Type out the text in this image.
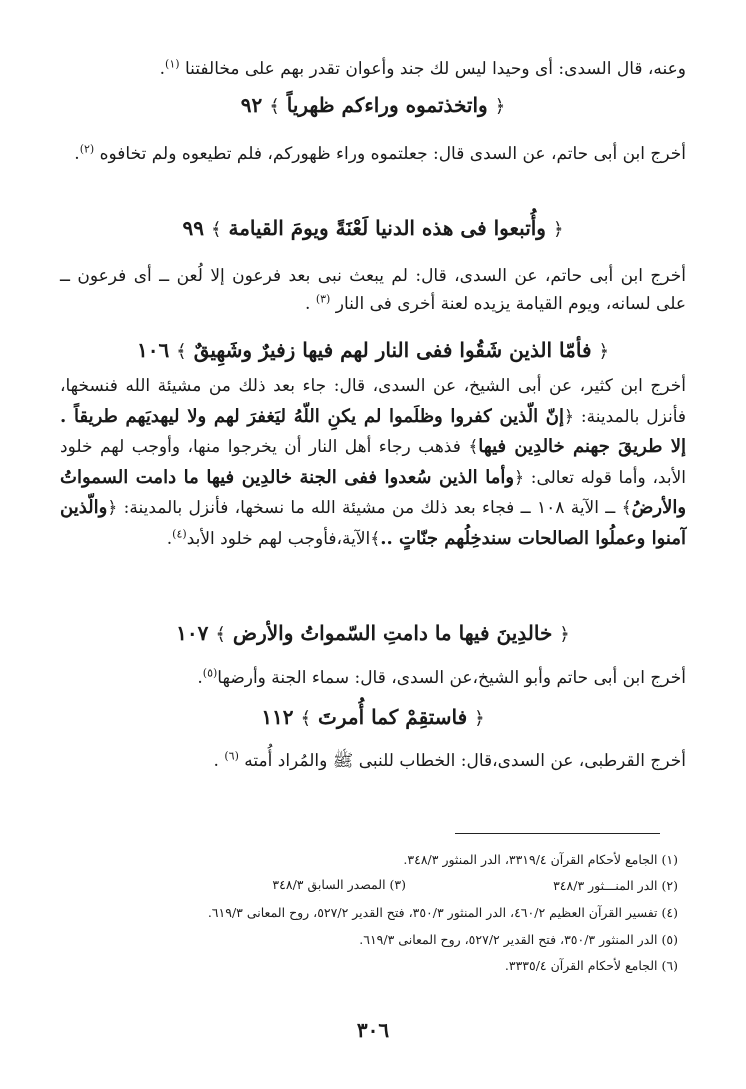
وعنه، قال السدى: أى وحيدا ليس لك جند وأعوان تقدر بهم على مخالفتنا $^{(١)}$.
﴿ واتخذتموه وراءكم ظهرياً ﴾ ٩٢
أخرج ابن أبى حاتم، عن السدى قال: جعلتموه وراء ظهوركم، فلم تطيعوه ولم تخافوه $^{(٢)}$.
﴿ وأُتبعوا فى هذه الدنيا لَعْنَةً ويومَ القيامة ﴾ ٩٩
أخرج ابن أبى حاتم، عن السدى، قال: لم يبعث نبى بعد فرعون إلا لُعن ــ أى فرعون ــ على لسانه، ويوم القيامة يزيده لعنة أخرى فى النار $^{(٣)}$ .
﴿ فأمّا الذين شَقُوا ففى النار لهم فيها زفيرٌ وشَهِيقٌ ﴾ ١٠٦
أخرج ابن كثير، عن أبى الشيخ، عن السدى، قال: جاء بعد ذلك من مشيئة الله فنسخها، فأنزل بالمدينة: ﴿إنّ الّذين كفروا وظلَموا لم يكنِ اللّهُ ليَغفرَ لهم ولا ليهديَهم طريقاً . إلا طريقَ جهنم خالدِين فيها﴾ فذهب رجاء أهل النار أن يخرجوا منها، وأوجب لهم خلود الأبد، وأما قوله تعالى: ﴿وأما الذين سُعدوا ففى الجنة خالدِين فيها ما دامت السمواتُ والأرضُ﴾ ــ الآية ١٠٨ ــ فجاء بعد ذلك من مشيئة الله ما نسخها، فأنزل بالمدينة: ﴿والّذين آمنوا وعملُوا الصالحات سندخِلُهم جنّاتٍ ..﴾الآية،فأوجب لهم خلود الأبد$^{(٤)}$.
﴿ خالدِينَ فيها ما دامتِ السّمواتُ والأرض ﴾ ١٠٧
أخرج ابن أبى حاتم وأبو الشيخ،عن السدى، قال: سماء الجنة وأرضها$^{(٥)}$.
﴿ فاستقِمْ كما أُمرتَ ﴾ ١١٢
أخرج القرطبى، عن السدى،قال: الخطاب للنبى ﷺ والمُراد أُمته $^{(٦)}$ .
(١) الجامع لأحكام القرآن ٣٣١٩/٤، الدر المنثور ٣٤٨/٣.
(٢) الدر المنـــثور ٣٤٨/٣
(٣) المصدر السابق ٣٤٨/٣
(٤) تفسير القرآن العظيم ٤٦٠/٢، الدر المنثور ٣٥٠/٣، فتح القدير ٥٢٧/٢، روح المعانى ٦١٩/٣.
(٥) الدر المنثور ٣٥٠/٣، فتح القدير ٥٢٧/٢، روح المعانى ٦١٩/٣.
(٦) الجامع لأحكام القرآن ٣٣٣٥/٤.
٣٠٦
